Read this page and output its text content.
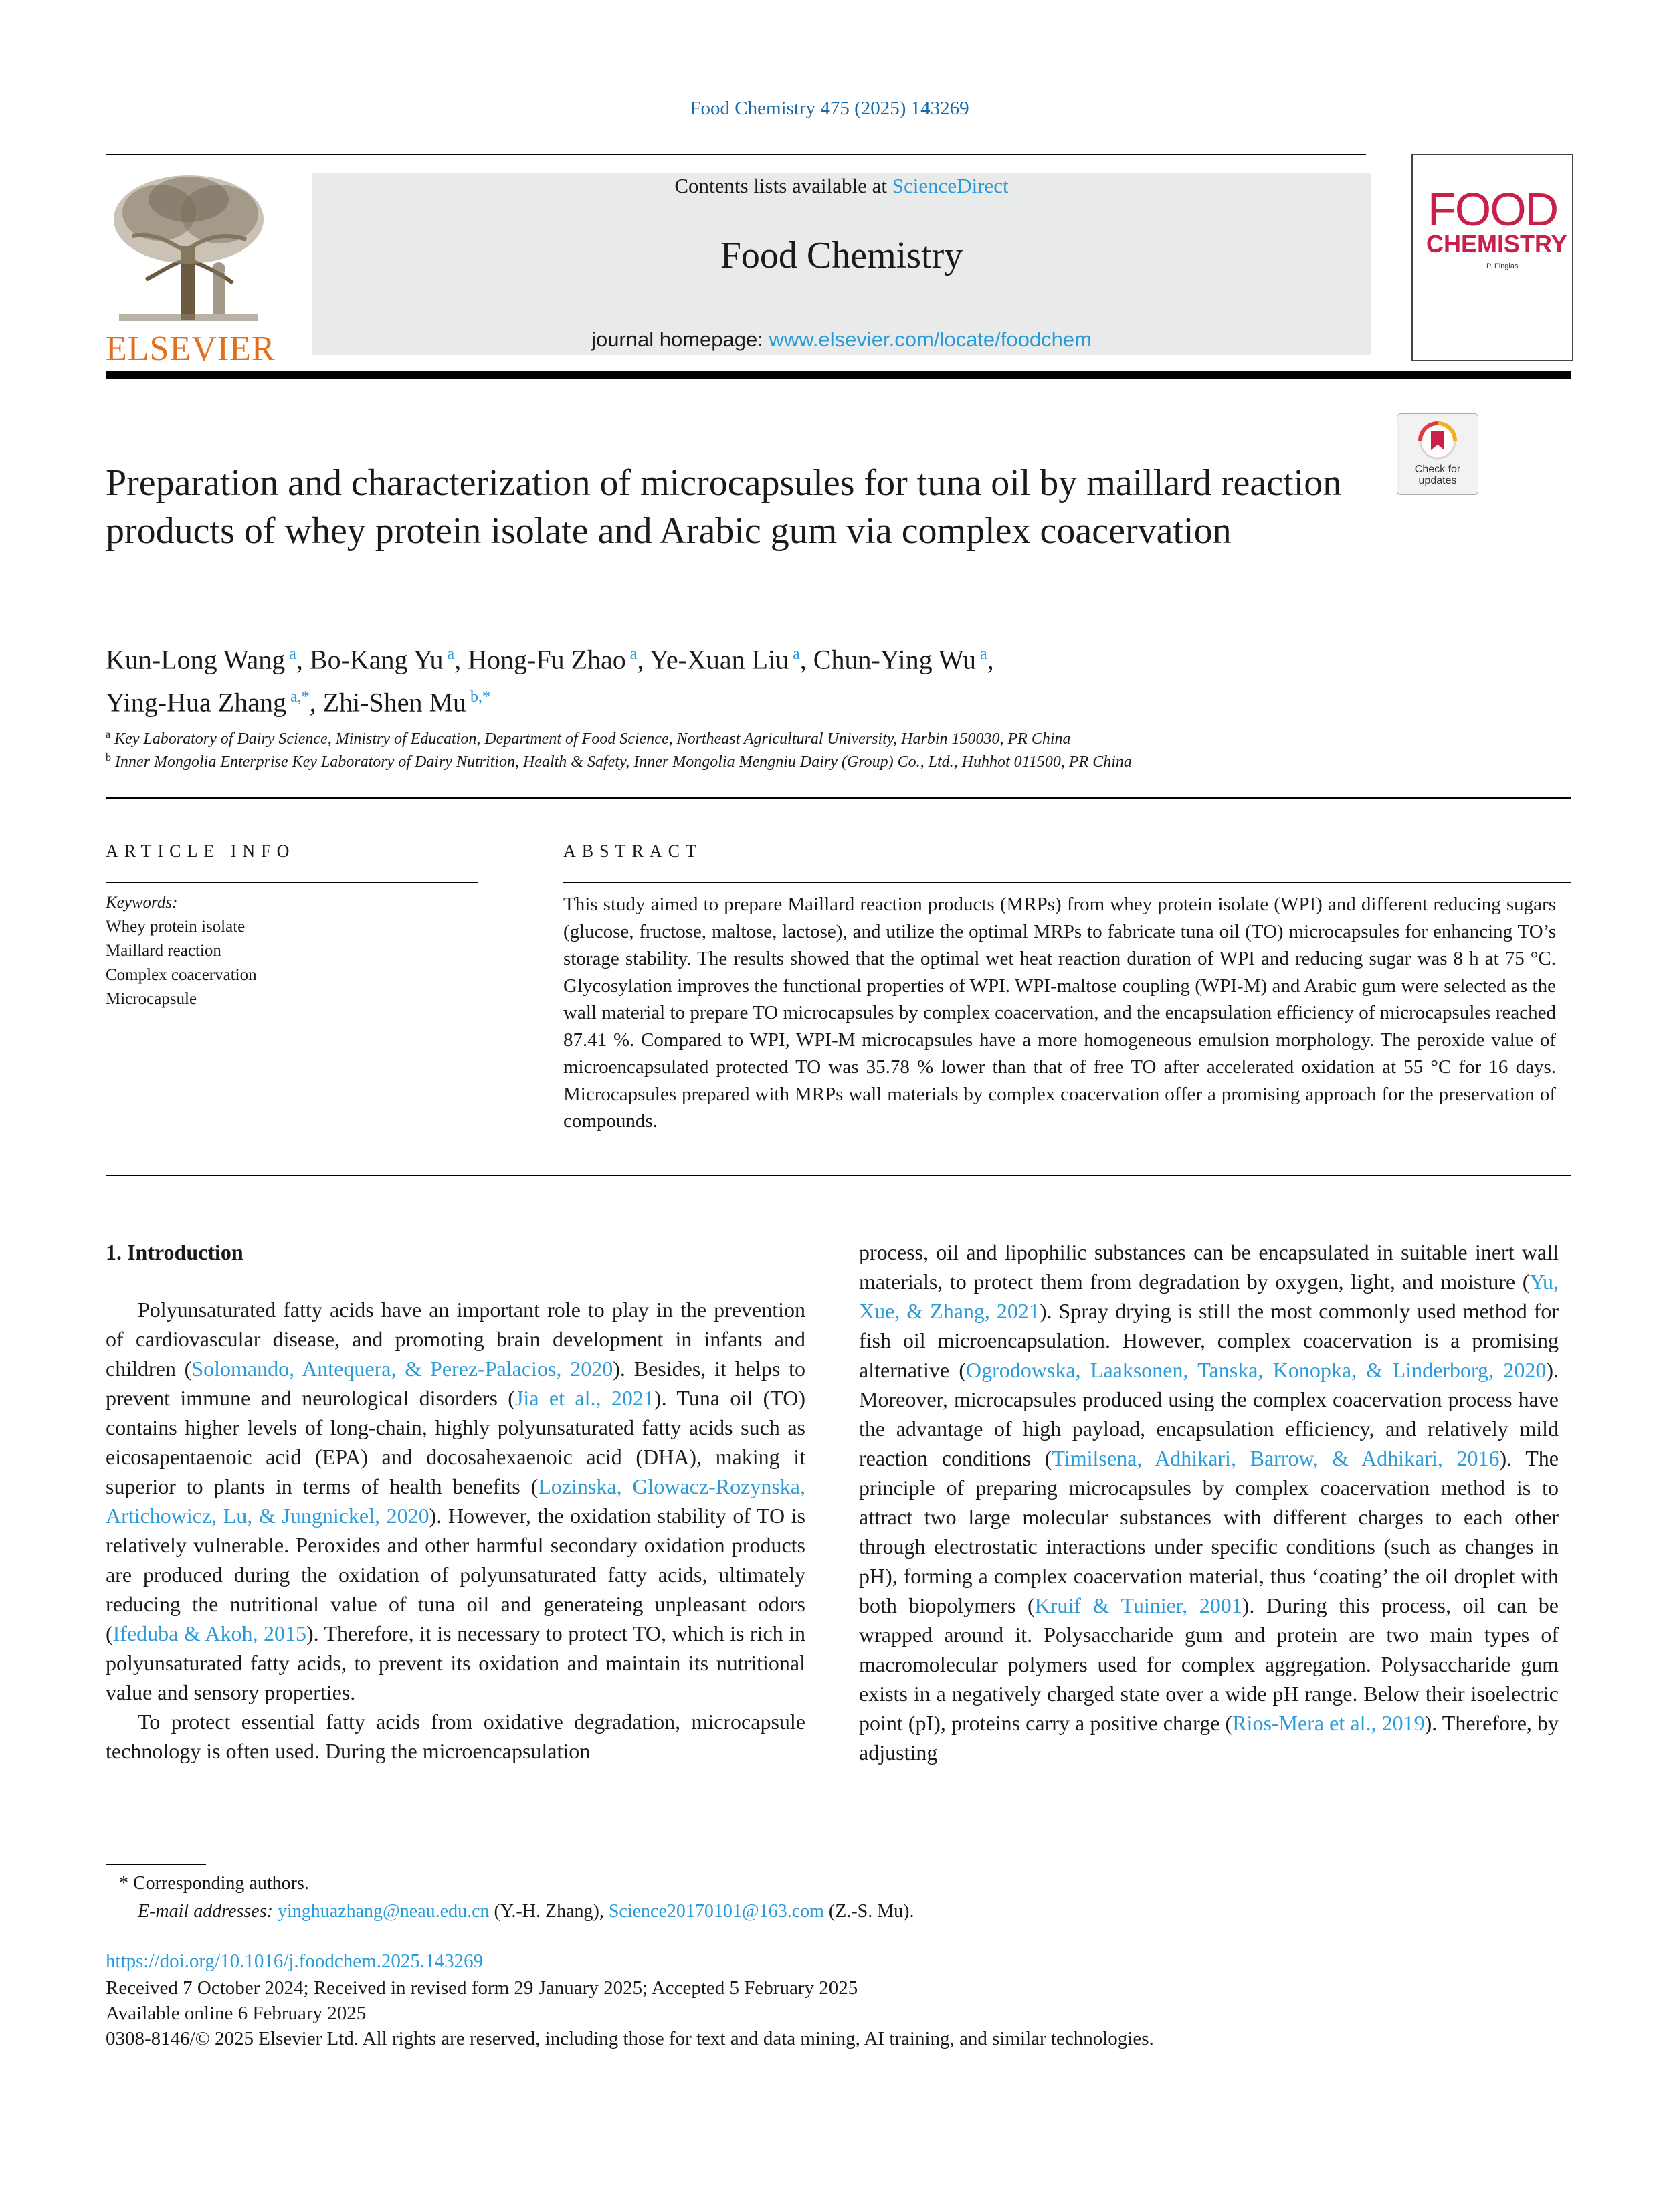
Food Chemistry 475 (2025) 143269
ELSEVIER
Contents lists available at ScienceDirect
Food Chemistry
journal homepage: www.elsevier.com/locate/foodchem
FOOD
CHEMISTRY
P. Finglas
Preparation and characterization of microcapsules for tuna oil by maillard reaction products of whey protein isolate and Arabic gum via complex coacervation
Check for updates
Kun-Long Wang $^a$, Bo-Kang Yu $^a$, Hong-Fu Zhao $^a$, Ye-Xuan Liu $^a$, Chun-Ying Wu $^a$,
Ying-Hua Zhang $^{a,*}$, Zhi-Shen Mu $^{b,*}$
$^a$ Key Laboratory of Dairy Science, Ministry of Education, Department of Food Science, Northeast Agricultural University, Harbin 150030, PR China
$^b$ Inner Mongolia Enterprise Key Laboratory of Dairy Nutrition, Health & Safety, Inner Mongolia Mengniu Dairy (Group) Co., Ltd., Huhhot 011500, PR China
ARTICLE INFO	ABSTRACT
Keywords:
Whey protein isolate
Maillard reaction
Complex coacervation
Microcapsule
This study aimed to prepare Maillard reaction products (MRPs) from whey protein isolate (WPI) and different reducing sugars (glucose, fructose, maltose, lactose), and utilize the optimal MRPs to fabricate tuna oil (TO) microcapsules for enhancing TO’s storage stability. The results showed that the optimal wet heat reaction duration of WPI and reducing sugar was 8 h at 75 °C. Glycosylation improves the functional properties of WPI. WPI-maltose coupling (WPI-M) and Arabic gum were selected as the wall material to prepare TO microcapsules by complex coacervation, and the encapsulation efficiency of microcapsules reached 87.41 %. Compared to WPI, WPI-M microcapsules have a more homogeneous emulsion morphology. The peroxide value of microencapsulated protected TO was 35.78 % lower than that of free TO after accelerated oxidation at 55 °C for 16 days. Microcapsules prepared with MRPs wall materials by complex coacervation offer a promising approach for the preservation of compounds.

1. Introduction

Polyunsaturated fatty acids have an important role to play in the prevention of cardiovascular disease, and promoting brain development in infants and children (Solomando, Antequera, & Perez-Palacios, 2020). Besides, it helps to prevent immune and neurological disorders (Jia et al., 2021). Tuna oil (TO) contains higher levels of long-chain, highly polyunsaturated fatty acids such as eicosapentaenoic acid (EPA) and docosahexaenoic acid (DHA), making it superior to plants in terms of health benefits (Lozinska, Glowacz-Rozynska, Artichowicz, Lu, & Jungnickel, 2020). However, the oxidation stability of TO is relatively vulnerable. Peroxides and other harmful secondary oxidation products are produced during the oxidation of polyunsaturated fatty acids, ultimately reducing the nutritional value of tuna oil and generateing unpleasant odors (Ifeduba & Akoh, 2015). Therefore, it is necessary to protect TO, which is rich in polyunsaturated fatty acids, to prevent its oxidation and maintain its nutritional value and sensory properties.

To protect essential fatty acids from oxidative degradation, microcapsule technology is often used. During the microencapsulation

process, oil and lipophilic substances can be encapsulated in suitable inert wall materials, to protect them from degradation by oxygen, light, and moisture (Yu, Xue, & Zhang, 2021). Spray drying is still the most commonly used method for fish oil microencapsulation. However, complex coacervation is a promising alternative (Ogrodowska, Laaksonen, Tanska, Konopka, & Linderborg, 2020). Moreover, microcapsules produced using the complex coacervation process have the advantage of high payload, encapsulation efficiency, and relatively mild reaction conditions (Timilsena, Adhikari, Barrow, & Adhikari, 2016). The principle of preparing microcapsules by complex coacervation method is to attract two large molecular substances with different charges to each other through electrostatic interactions under specific conditions (such as changes in pH), forming a complex coacervation material, thus ‘coating’ the oil droplet with both biopolymers (Kruif & Tuinier, 2001). During this process, oil can be wrapped around it. Polysaccharide gum and protein are two main types of macromolecular polymers used for complex aggregation. Polysaccharide gum exists in a negatively charged state over a wide pH range. Below their isoelectric point (pI), proteins carry a positive charge (Rios-Mera et al., 2019). Therefore, by adjusting

* Corresponding authors.
E-mail addresses: yinghuazhang@neau.edu.cn (Y.-H. Zhang), Science20170101@163.com (Z.-S. Mu).
https://doi.org/10.1016/j.foodchem.2025.143269
Received 7 October 2024; Received in revised form 29 January 2025; Accepted 5 February 2025
Available online 6 February 2025
0308-8146/© 2025 Elsevier Ltd. All rights are reserved, including those for text and data mining, AI training, and similar technologies.
